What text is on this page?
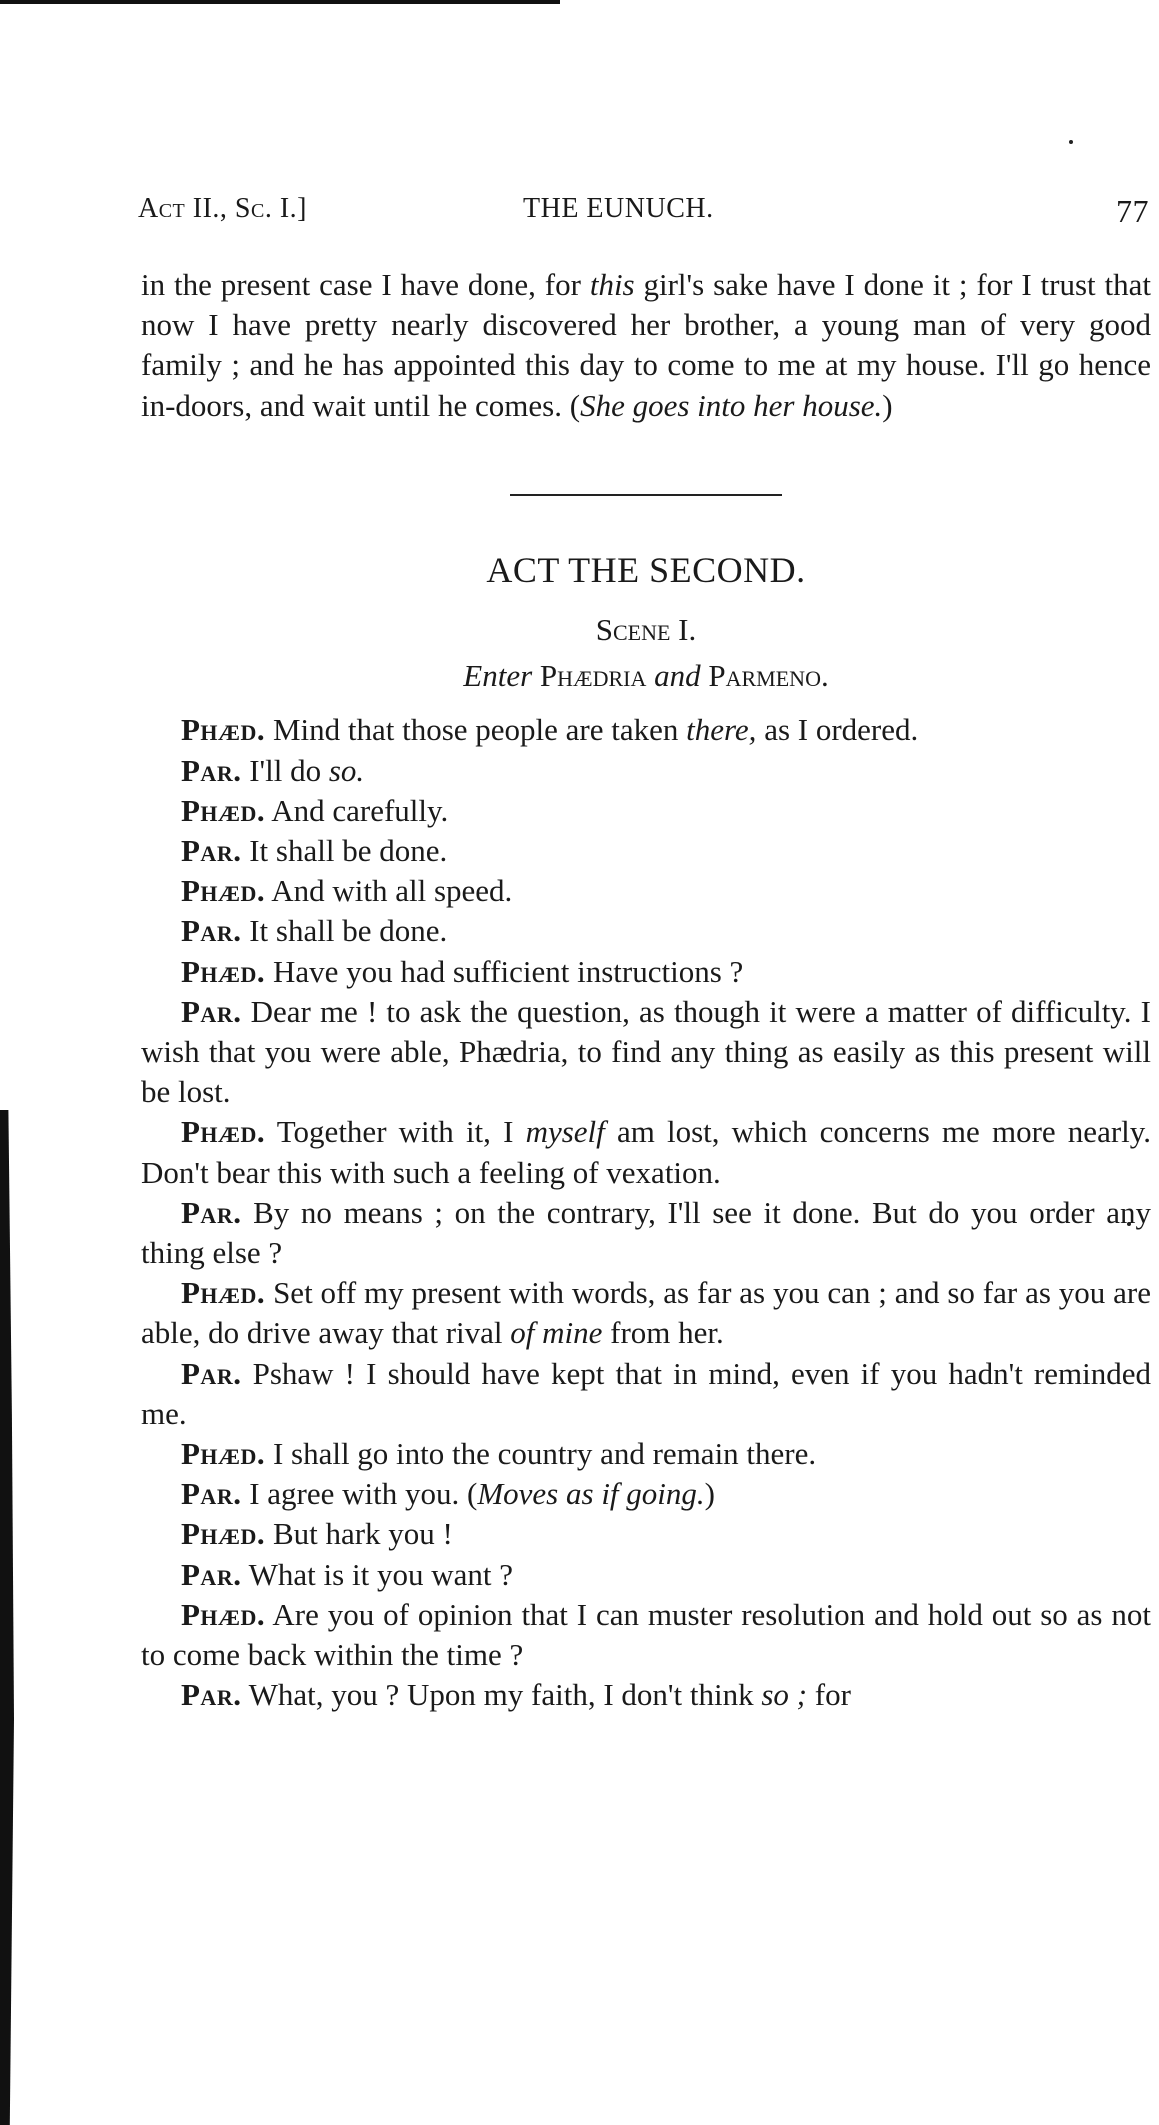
Act II., Sc. I.]	THE EUNUCH.	77

in the present case I have done, for this girl's sake have I done it ; for I trust that now I have pretty nearly discovered her brother, a young man of very good family ; and he has appointed this day to come to me at my house. I'll go hence in-doors, and wait until he comes. (She goes into her house.)

ACT THE SECOND.
Scene I.
Enter Phædria and Parmeno.

Phæd. Mind that those people are taken there, as I ordered.

Par. I'll do so.

Phæd. And carefully.

Par. It shall be done.

Phæd. And with all speed.

Par. It shall be done.

Phæd. Have you had sufficient instructions ?

Par. Dear me ! to ask the question, as though it were a matter of difficulty. I wish that you were able, Phædria, to find any thing as easily as this present will be lost.

Phæd. Together with it, I myself am lost, which concerns me more nearly. Don't bear this with such a feeling of vexation.

Par. By no means ; on the contrary, I'll see it done. But do you order any thing else ?

Phæd. Set off my present with words, as far as you can ; and so far as you are able, do drive away that rival of mine from her.

Par. Pshaw ! I should have kept that in mind, even if you hadn't reminded me.

Phæd. I shall go into the country and remain there.

Par. I agree with you. (Moves as if going.)

Phæd. But hark you !

Par. What is it you want ?

Phæd. Are you of opinion that I can muster resolution and hold out so as not to come back within the time ?

Par. What, you ? Upon my faith, I don't think so ; for
